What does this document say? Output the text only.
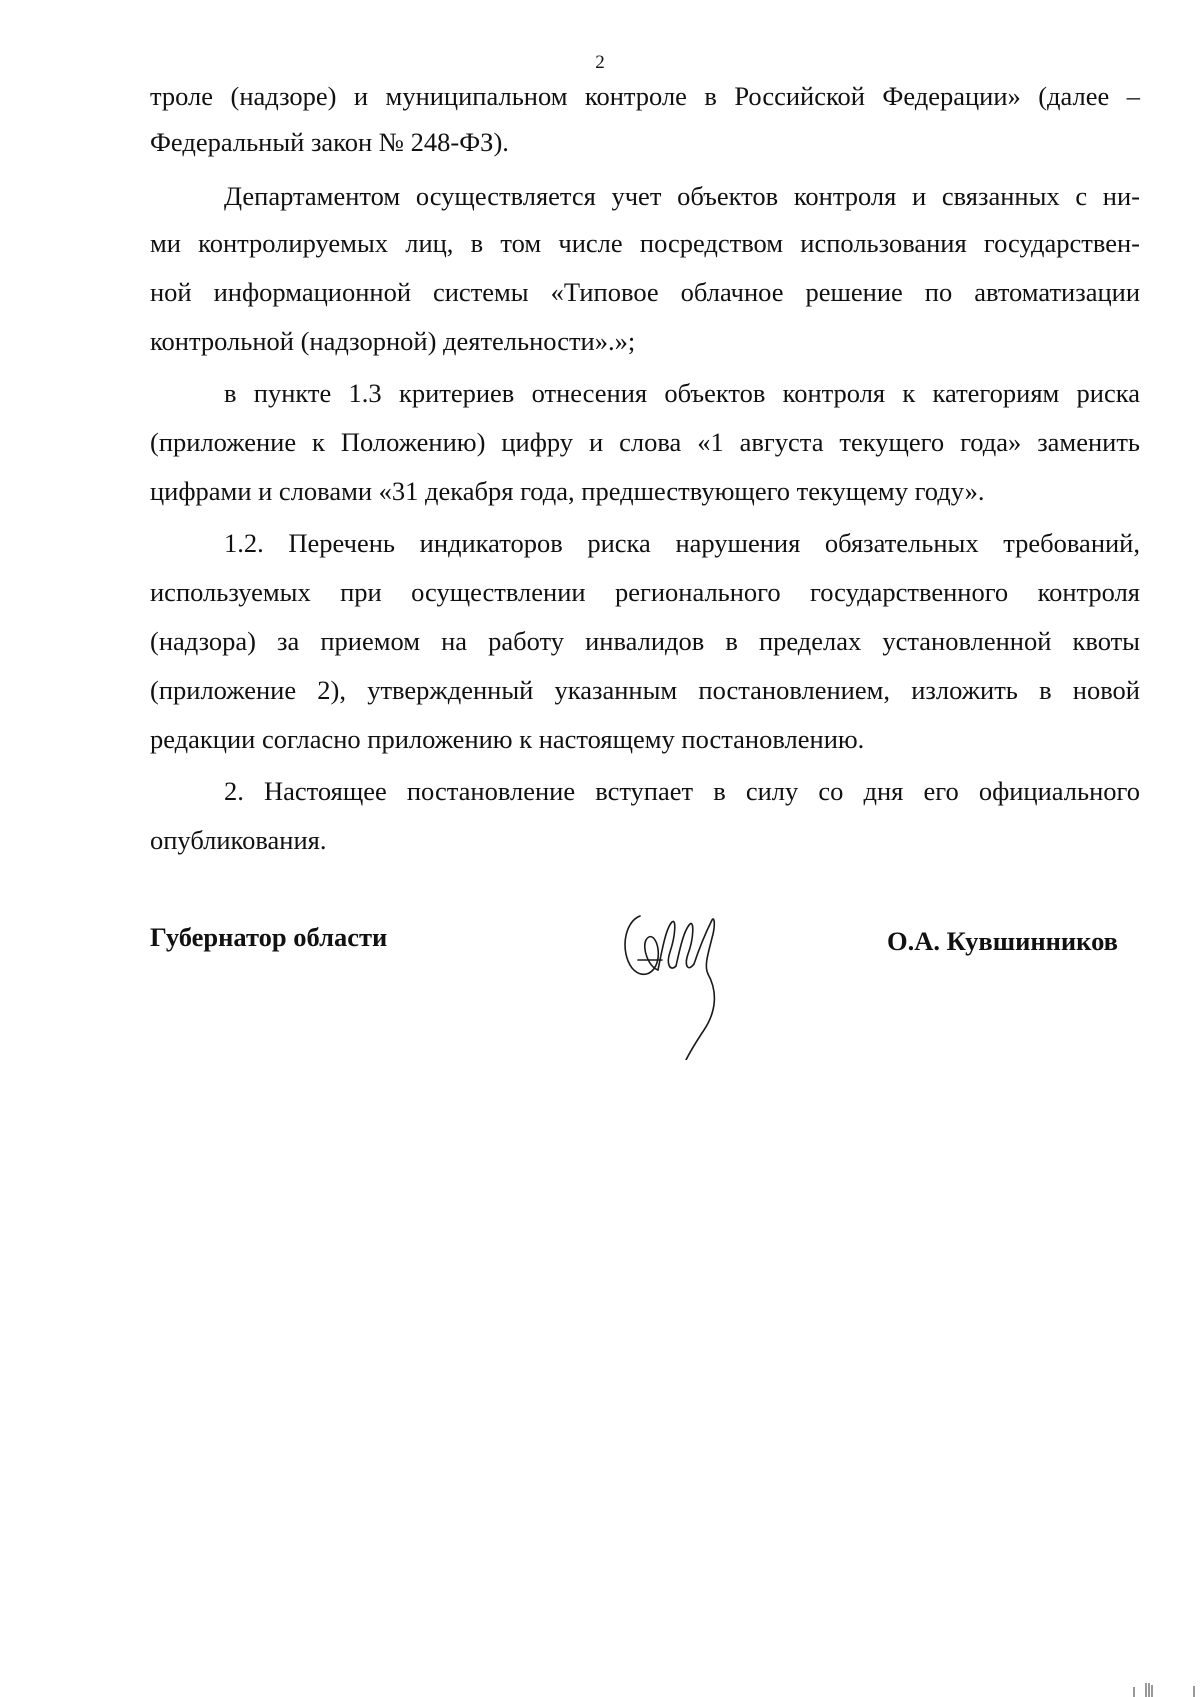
2
троле (надзоре) и муниципальном контроле в Российской Федерации» (далее –
Федеральный закон № 248-ФЗ).
Департаментом осуществляется учет объектов контроля и связанных с ни-
ми контролируемых лиц, в том числе посредством использования государствен-
ной информационной системы «Типовое облачное решение по автоматизации
контрольной (надзорной) деятельности».»;
в пункте 1.3 критериев отнесения объектов контроля к категориям риска
(приложение к Положению) цифру и слова «1 августа текущего года» заменить
цифрами и словами «31 декабря года, предшествующего текущему году».
1.2. Перечень индикаторов риска нарушения обязательных требований,
используемых при осуществлении регионального государственного контроля
(надзора) за приемом на работу инвалидов в пределах установленной квоты
(приложение 2), утвержденный указанным постановлением, изложить в новой
редакции согласно приложению к настоящему постановлению.
2. Настоящее постановление вступает в силу со дня его официального
опубликования.
Губернатор области	О.А. Кувшинников
